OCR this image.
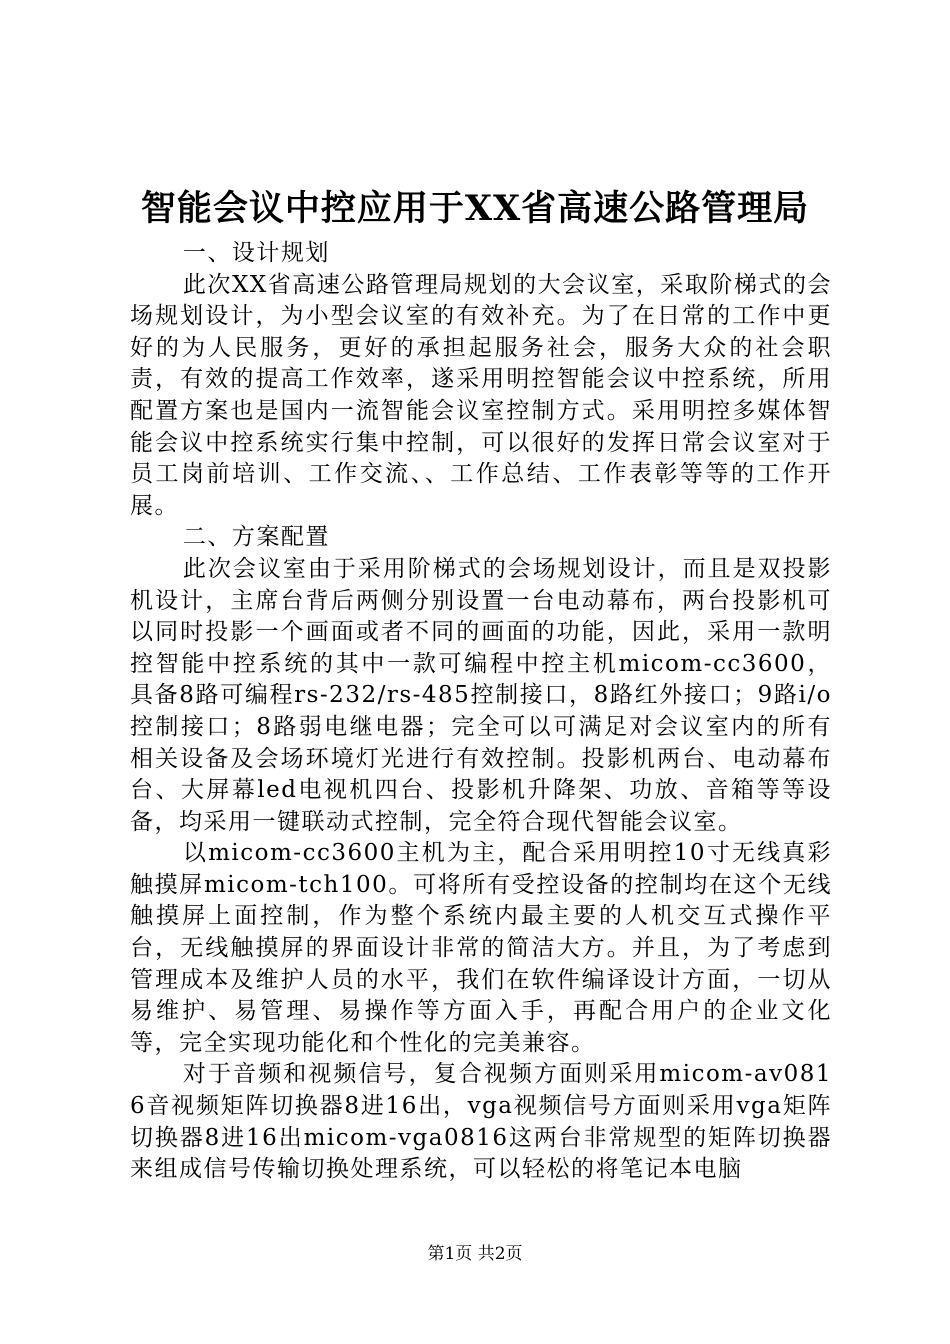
智能会议中控应用于XX省高速公路管理局

一、设计规划

此次XX省高速公路管理局规划的大会议室，采取阶梯式的会场规划设计，为小型会议室的有效补充。为了在日常的工作中更好的为人民服务，更好的承担起服务社会，服务大众的社会职责，有效的提高工作效率，遂采用明控智能会议中控系统，所用配置方案也是国内一流智能会议室控制方式。采用明控多媒体智能会议中控系统实行集中控制，可以很好的发挥日常会议室对于员工岗前培训、工作交流、、工作总结、工作表彰等等的工作开展。

二、方案配置

此次会议室由于采用阶梯式的会场规划设计，而且是双投影机设计，主席台背后两侧分别设置一台电动幕布，两台投影机可以同时投影一个画面或者不同的画面的功能，因此，采用一款明控智能中控系统的其中一款可编程中控主机micom-cc3600，具备8路可编程rs-232/rs-485控制接口，8路红外接口；9路i/o控制接口；8路弱电继电器；完全可以可满足对会议室内的所有相关设备及会场环境灯光进行有效控制。投影机两台、电动幕布台、大屏幕led电视机四台、投影机升降架、功放、音箱等等设备，均采用一键联动式控制，完全符合现代智能会议室。

以micom-cc3600主机为主，配合采用明控10寸无线真彩触摸屏micom-tch100。可将所有受控设备的控制均在这个无线触摸屏上面控制，作为整个系统内最主要的人机交互式操作平台，无线触摸屏的界面设计非常的简洁大方。并且，为了考虑到管理成本及维护人员的水平，我们在软件编译设计方面，一切从易维护、易管理、易操作等方面入手，再配合用户的企业文化等，完全实现功能化和个性化的完美兼容。

对于音频和视频信号，复合视频方面则采用micom-av0816音视频矩阵切换器8进16出，vga视频信号方面则采用vga矩阵切换器8进16出micom-vga0816这两台非常规型的矩阵切换器来组成信号传输切换处理系统，可以轻松的将笔记本电脑

第1页 共2页
